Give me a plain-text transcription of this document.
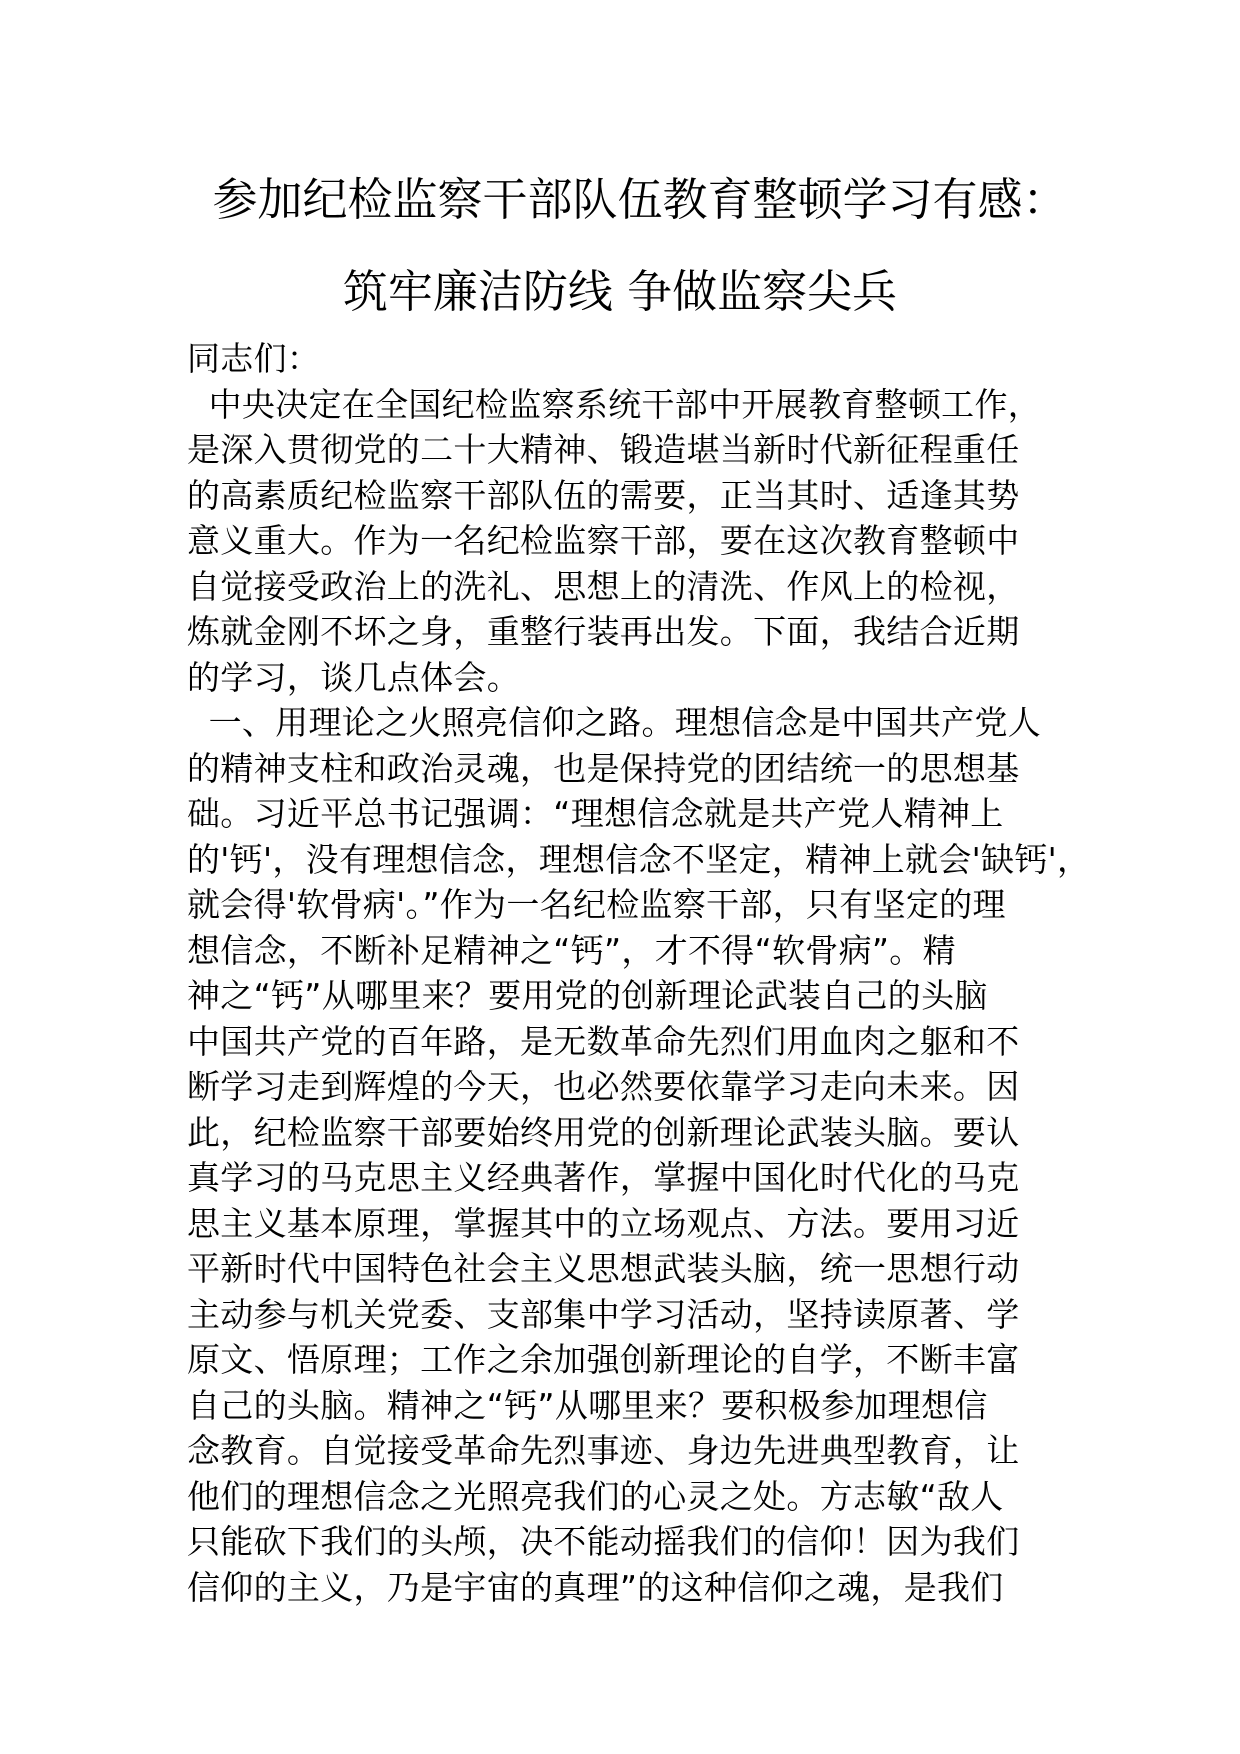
参加纪检监察干部队伍教育整顿学习有感：
筑牢廉洁防线 争做监察尖兵
同志们：
中央决定在全国纪检监察系统干部中开展教育整顿工作，
是深入贯彻党的二十大精神、锻造堪当新时代新征程重任
的高素质纪检监察干部队伍的需要，正当其时、适逢其势
意义重大。作为一名纪检监察干部，要在这次教育整顿中
自觉接受政治上的洗礼、思想上的清洗、作风上的检视，
炼就金刚不坏之身，重整行装再出发。下面，我结合近期
的学习，谈几点体会。
一、用理论之火照亮信仰之路。理想信念是中国共产党人
的精神支柱和政治灵魂，也是保持党的团结统一的思想基
础。习近平总书记强调：“理想信念就是共产党人精神上
的'钙'，没有理想信念，理想信念不坚定，精神上就会'缺钙'，
就会得'软骨病'。”作为一名纪检监察干部，只有坚定的理
想信念，不断补足精神之“钙”，才不得“软骨病”。精
神之“钙”从哪里来？要用党的创新理论武装自己的头脑
中国共产党的百年路，是无数革命先烈们用血肉之躯和不
断学习走到辉煌的今天，也必然要依靠学习走向未来。因
此，纪检监察干部要始终用党的创新理论武装头脑。要认
真学习的马克思主义经典著作，掌握中国化时代化的马克
思主义基本原理，掌握其中的立场观点、方法。要用习近
平新时代中国特色社会主义思想武装头脑，统一思想行动
主动参与机关党委、支部集中学习活动，坚持读原著、学
原文、悟原理；工作之余加强创新理论的自学，不断丰富
自己的头脑。精神之“钙”从哪里来？要积极参加理想信
念教育。自觉接受革命先烈事迹、身边先进典型教育，让
他们的理想信念之光照亮我们的心灵之处。方志敏“敌人
只能砍下我们的头颅，决不能动摇我们的信仰！因为我们
信仰的主义，乃是宇宙的真理”的这种信仰之魂，是我们
